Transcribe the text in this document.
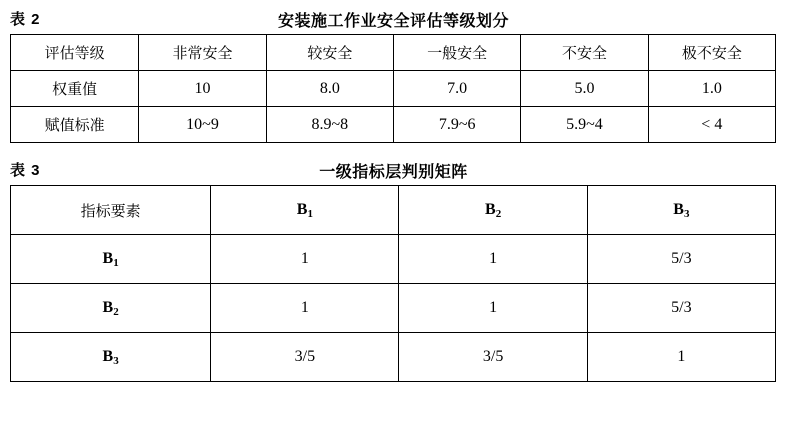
表 2	安装施工作业安全评估等级划分
评估等级	非常安全	较安全	一般安全	不安全	极不安全
权重值	10	8.0	7.0	5.0	1.0
赋值标准	10~9	8.9~8	7.9~6	5.9~4	< 4
表 3	一级指标层判别矩阵
指标要素	$B_1$	$B_2$	$B_3$
$B_1$	1	1	5/3
$B_2$	1	1	5/3
$B_3$	3/5	3/5	1
